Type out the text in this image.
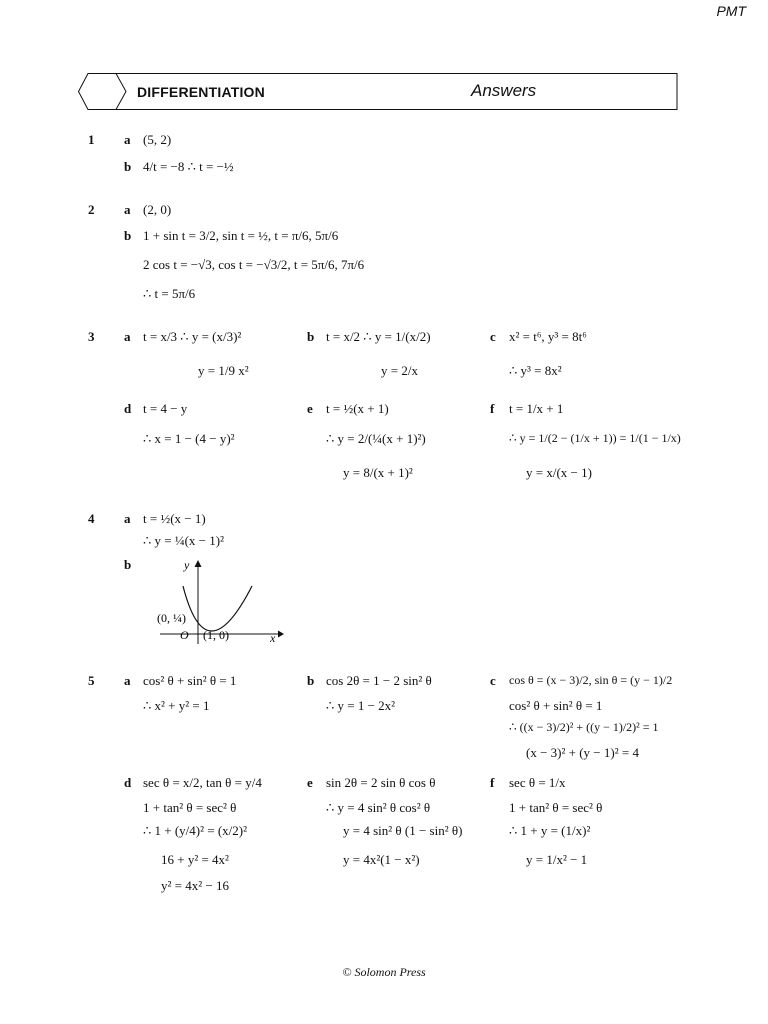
PMT
DIFFERENTIATION	Answers
1 a (5, 2)
b 4/t = −8 ∴ t = −½
2 a (2, 0)
b 1 + sin t = 3/2, sin t = ½, t = π/6, 5π/6
2 cos t = −√3, cos t = −√3/2, t = 5π/6, 7π/6
∴ t = 5π/6
3 a t = x/3 ∴ y = (x/3)²
y = 1/9 x²
b t = x/2 ∴ y = 1/(x/2)
y = 2/x
c x² = t⁶, y³ = 8t⁶
∴ y³ = 8x²
d t = 4 − y
∴ x = 1 − (4 − y)²
e t = ½(x + 1)
∴ y = 2/(¼(x + 1)²)
y = 8/(x + 1)²
f t = 1/x + 1
∴ y = 1/(2 − (1/x + 1)) = 1/(1 − 1/x)
y = x/(x − 1)
4 a t = ½(x − 1)
∴ y = ¼(x − 1)²
b	y
x
O (1, 0)
(0, ¼)
5 a cos² θ + sin² θ = 1
∴ x² + y² = 1
b cos 2θ = 1 − 2 sin² θ
∴ y = 1 − 2x²
c cos θ = (x − 3)/2, sin θ = (y − 1)/2
cos² θ + sin² θ = 1
∴ ((x − 3)/2)² + ((y − 1)/2)² = 1
(x − 3)² + (y − 1)² = 4
d sec θ = x/2, tan θ = y/4
1 + tan² θ = sec² θ
∴ 1 + (y/4)² = (x/2)²
16 + y² = 4x²
y² = 4x² − 16
e sin 2θ = 2 sin θ cos θ
∴ y = 4 sin² θ cos² θ
y = 4 sin² θ (1 − sin² θ)
y = 4x²(1 − x²)
f sec θ = 1/x
1 + tan² θ = sec² θ
∴ 1 + y = (1/x)²
y = 1/x² − 1
© Solomon Press
